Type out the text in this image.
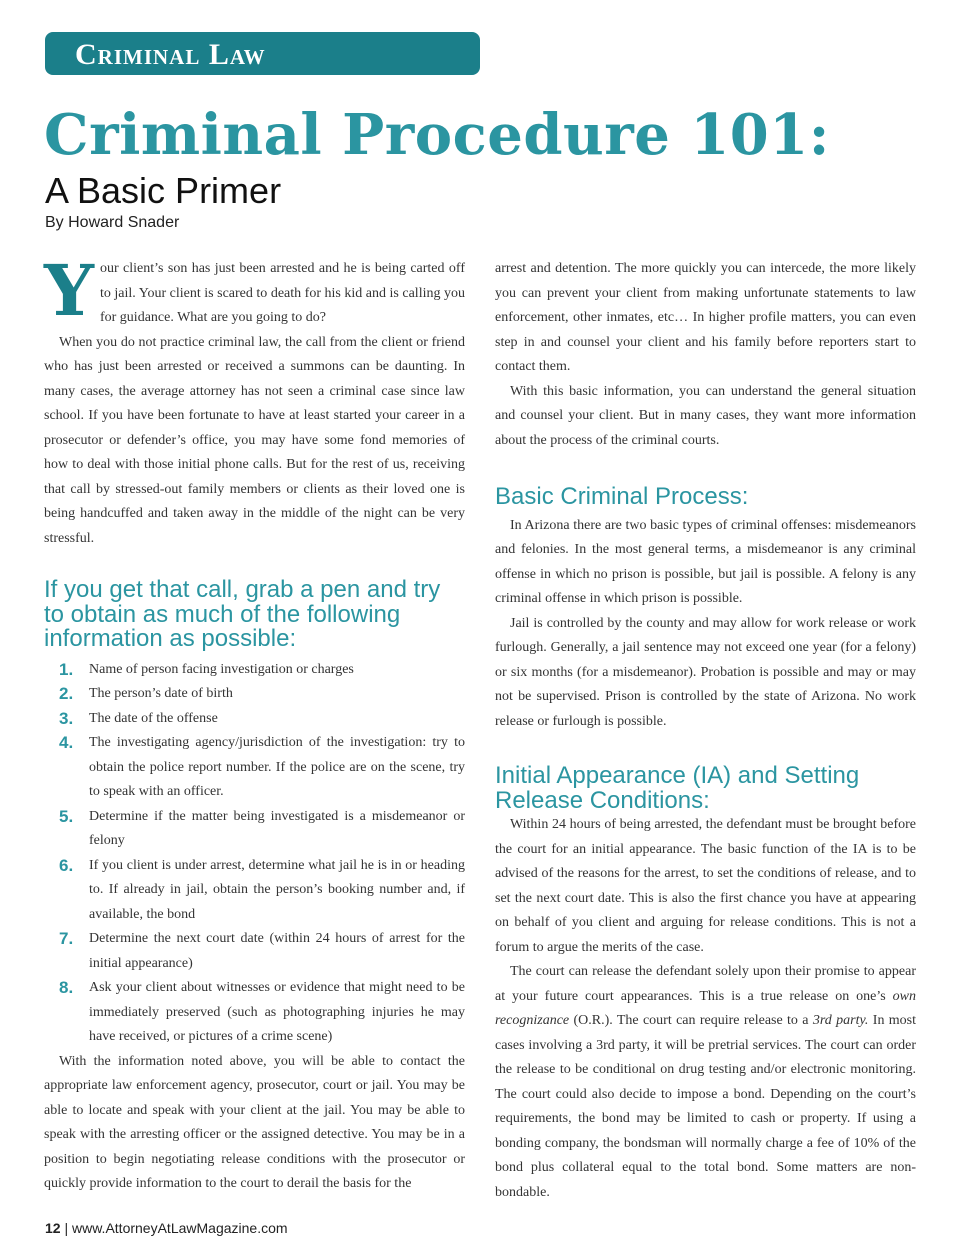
Criminal Law
Criminal Procedure 101:
A Basic Primer
By Howard Snader

Your client’s son has just been arrested and he is being carted off to jail. Your client is scared to death for his kid and is calling you for guidance. What are you going to do?

When you do not practice criminal law, the call from the client or friend who has just been arrested or received a summons can be daunting. In many cases, the average attorney has not seen a criminal case since law school. If you have been fortunate to have at least started your career in a prosecutor or defender’s office, you may have some fond memories of how to deal with those initial phone calls. But for the rest of us, receiving that call by stressed-out family members or clients as their loved one is being handcuffed and taken away in the middle of the night can be very stressful.

If you get that call, grab a pen and try to obtain as much of the following information as possible:
1. Name of person facing investigation or charges
2. The person’s date of birth
3. The date of the offense
4. The investigating agency/jurisdiction of the investigation: try to obtain the police report number. If the police are on the scene, try to speak with an officer.
5. Determine if the matter being investigated is a misdemeanor or felony
6. If you client is under arrest, determine what jail he is in or heading to. If already in jail, obtain the person’s booking number and, if available, the bond
7. Determine the next court date (within 24 hours of arrest for the initial appearance)
8. Ask your client about witnesses or evidence that might need to be immediately preserved (such as photographing injuries he may have received, or pictures of a crime scene)

With the information noted above, you will be able to contact the appropriate law enforcement agency, prosecutor, court or jail. You may be able to locate and speak with your client at the jail. You may be able to speak with the arresting officer or the assigned detective. You may be in a position to begin negotiating release conditions with the prosecutor or quickly provide information to the court to derail the basis for the

arrest and detention. The more quickly you can intercede, the more likely you can prevent your client from making unfortunate statements to law enforcement, other inmates, etc… In higher profile matters, you can even step in and counsel your client and his family before reporters start to contact them.

With this basic information, you can understand the general situation and counsel your client. But in many cases, they want more information about the process of the criminal courts.

Basic Criminal Process:

In Arizona there are two basic types of criminal offenses: misdemeanors and felonies. In the most general terms, a misdemeanor is any criminal offense in which no prison is possible, but jail is possible. A felony is any criminal offense in which prison is possible.

Jail is controlled by the county and may allow for work release or work furlough. Generally, a jail sentence may not exceed one year (for a felony) or six months (for a misdemeanor). Probation is possible and may or may not be supervised. Prison is controlled by the state of Arizona. No work release or furlough is possible.

Initial Appearance (IA) and Setting Release Conditions:

Within 24 hours of being arrested, the defendant must be brought before the court for an initial appearance. The basic function of the IA is to be advised of the reasons for the arrest, to set the conditions of release, and to set the next court date. This is also the first chance you have at appearing on behalf of you client and arguing for release conditions. This is not a forum to argue the merits of the case.

The court can release the defendant solely upon their promise to appear at your future court appearances. This is a true release on one’s own recognizance (O.R.). The court can require release to a 3rd party. In most cases involving a 3rd party, it will be pretrial services. The court can order the release to be conditional on drug testing and/or electronic monitoring. The court could also decide to impose a bond. Depending on the court’s requirements, the bond may be limited to cash or property. If using a bonding company, the bondsman will normally charge a fee of 10% of the bond plus collateral equal to the total bond. Some matters are non-bondable.

12 | www.AttorneyAtLawMagazine.com
